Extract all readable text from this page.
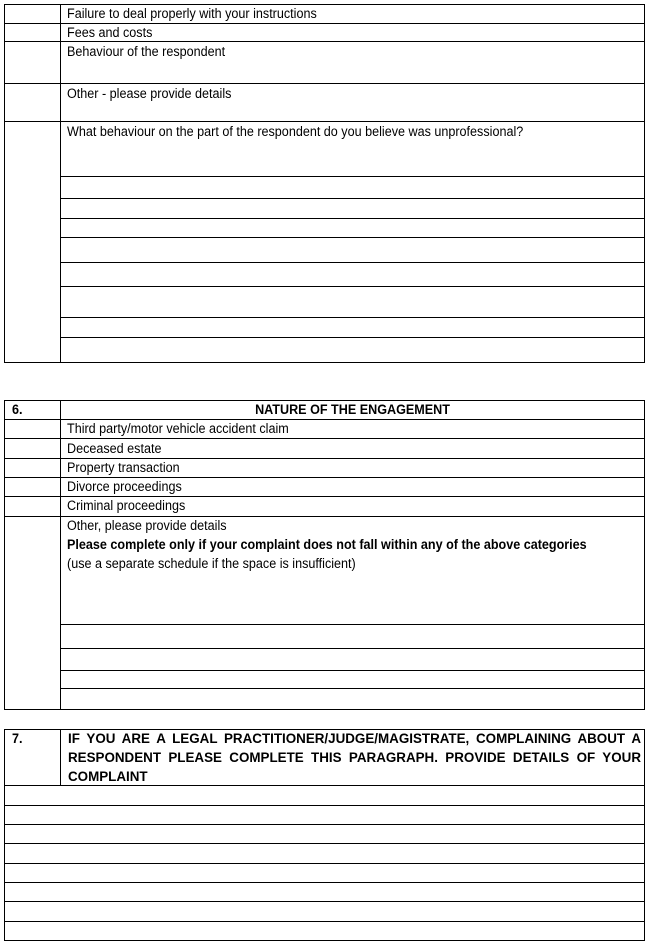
Failure to deal properly with your instructions
Fees and costs
Behaviour of the respondent
Other - please provide details
What behaviour on the part of the respondent do you believe was unprofessional?
6.	NATURE OF THE ENGAGEMENT
Third party/motor vehicle accident claim
Deceased estate
Property transaction
Divorce proceedings
Criminal proceedings
Other, please provide details
Please complete only if your complaint does not fall within any of the above categories
(use a separate schedule if the space is insufficient)
7.	IF YOU ARE A LEGAL PRACTITIONER/JUDGE/MAGISTRATE, COMPLAINING ABOUT A RESPONDENT PLEASE COMPLETE THIS PARAGRAPH. PROVIDE DETAILS OF YOUR COMPLAINT
